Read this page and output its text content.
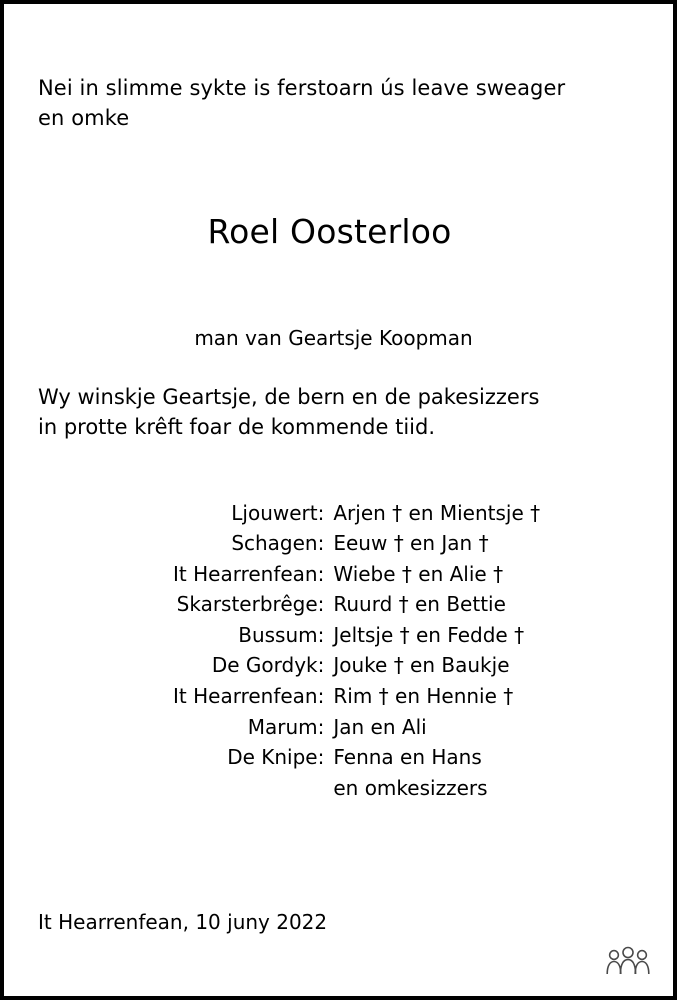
Nei in slimme sykte is ferstoarn ús leave sweager en omke
Roel Oosterloo
man van Geartsje Koopman
Wy winskje Geartsje, de bern en de pakesizzers
in protte krêft foar de kommende tiid.
Ljouwert:	Arjen † en Mientsje †
Schagen:	Eeuw † en Jan †
It Hearrenfean:	Wiebe † en Alie †
Skarsterbrêge:	Ruurd † en Bettie
Bussum:	Jeltsje † en Fedde †
De Gordyk:	Jouke † en Baukje
It Hearrenfean:	Rim † en Hennie †
Marum:	Jan en Ali
De Knipe:	Fenna en Hans
	en omkesizzers
It Hearrenfean, 10 juny 2022
